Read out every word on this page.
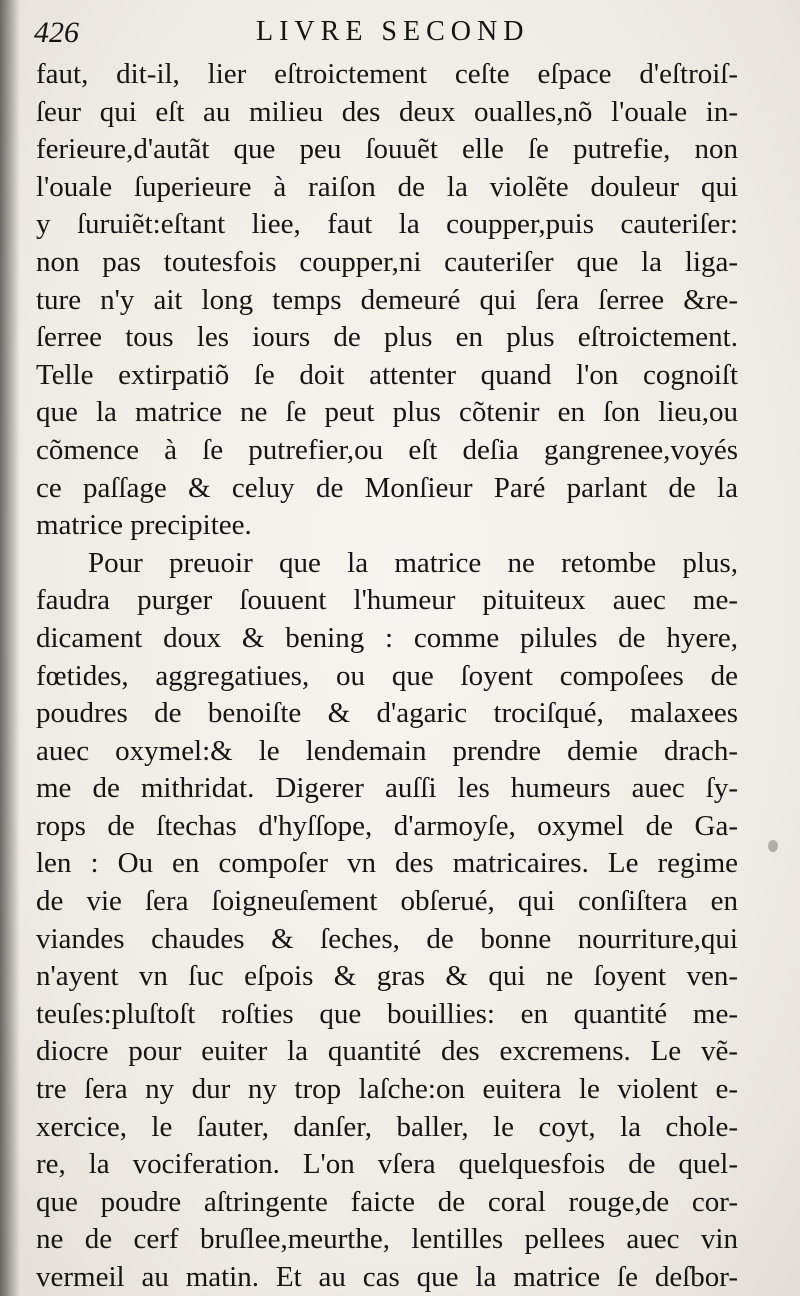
426	LIVRE SECOND
faut, dit-il, lier eſtroictement ceſte eſpace d'eſtroiſ-
ſeur qui eſt au milieu des deux oualles,nõ l'ouale in-
ferieure,d'autãt que peu ſouuẽt elle ſe putrefie, non
l'ouale ſuperieure à raiſon de la violẽte douleur qui
y ſuruiẽt:eſtant liee, faut la coupper,puis cauteriſer:
non pas toutesfois coupper,ni cauteriſer que la liga-
ture n'y ait long temps demeuré qui ſera ſerree &re-
ſerree tous les iours de plus en plus eſtroictement.
Telle extirpatiõ ſe doit attenter quand l'on cognoiſt
que la matrice ne ſe peut plus cõtenir en ſon lieu,ou
cõmence à ſe putrefier,ou eſt deſia gangrenee,voyés
ce paſſage & celuy de Monſieur Paré parlant de la
matrice precipitee.
Pour preuoir que la matrice ne retombe plus,
faudra purger ſouuent l'humeur pituiteux auec me-
dicament doux & bening : comme pilules de hyere,
fœtides, aggregatiues, ou que ſoyent compoſees de
poudres de benoiſte & d'agaric trociſqué, malaxees
auec oxymel:& le lendemain prendre demie drach-
me de mithridat. Digerer auſſi les humeurs auec ſy-
rops de ſtechas d'hyſſope, d'armoyſe, oxymel de Ga-
len : Ou en compoſer vn des matricaires. Le regime
de vie ſera ſoigneuſement obſerué, qui conſiſtera en
viandes chaudes & ſeches, de bonne nourriture,qui
n'ayent vn ſuc eſpois & gras & qui ne ſoyent ven-
teuſes:pluſtoſt roſties que bouillies: en quantité me-
diocre pour euiter la quantité des excremens. Le vẽ-
tre ſera ny dur ny trop laſche:on euitera le violent e-
xercice, le ſauter, danſer, baller, le coyt, la chole-
re, la vociferation. L'on vſera quelquesfois de quel-
que poudre aſtringente faicte de coral rouge,de cor-
ne de cerf bruſlee,meurthe, lentilles pellees auec vin
vermeil au matin. Et au cas que la matrice ſe deſbor-
